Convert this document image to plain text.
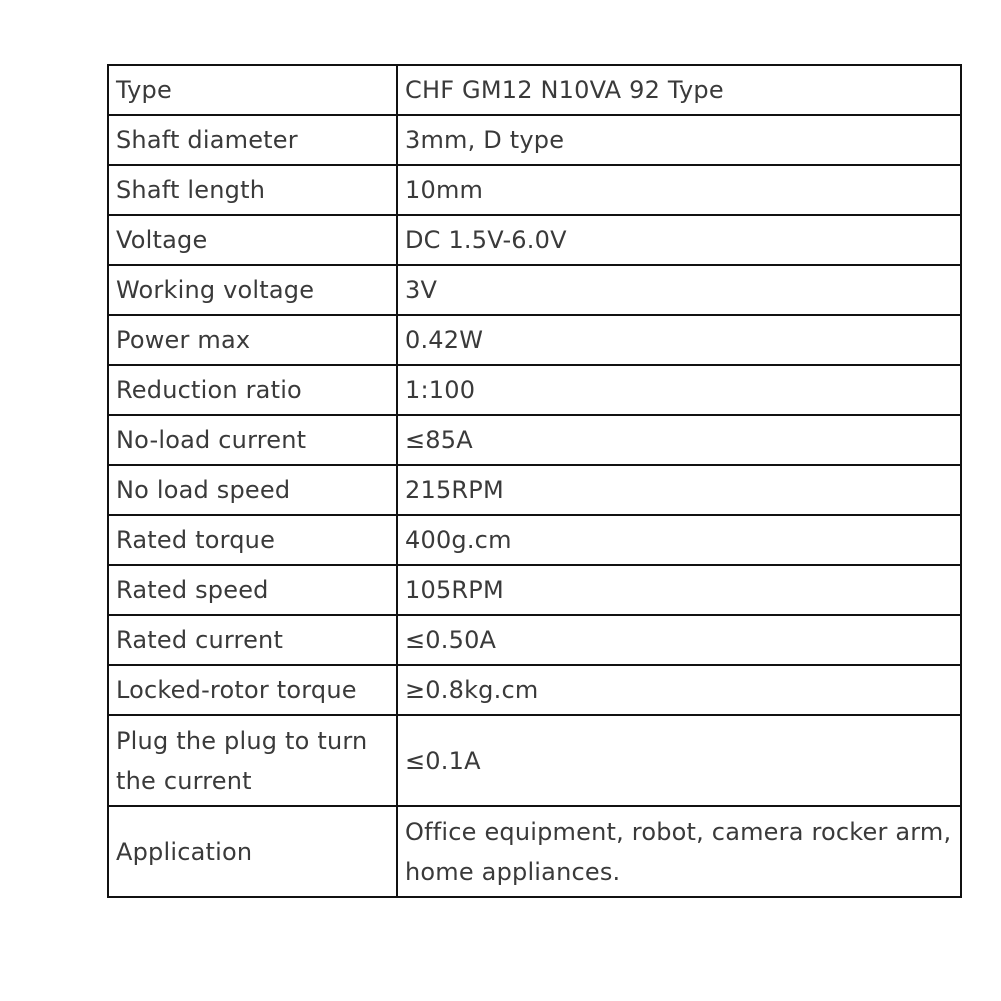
Type	CHF GM12 N10VA 92 Type
Shaft diameter	3mm, D type
Shaft length	10mm
Voltage	DC 1.5V-6.0V
Working voltage	3V
Power max	0.42W
Reduction ratio	1:100
No-load current	≤85A
No load speed	215RPM
Rated torque	400g.cm
Rated speed	105RPM
Rated current	≤0.50A
Locked-rotor torque	≥0.8kg.cm
Plug the plug to turn the current	≤0.1A
Application	Office equipment, robot, camera rocker arm, home appliances.
